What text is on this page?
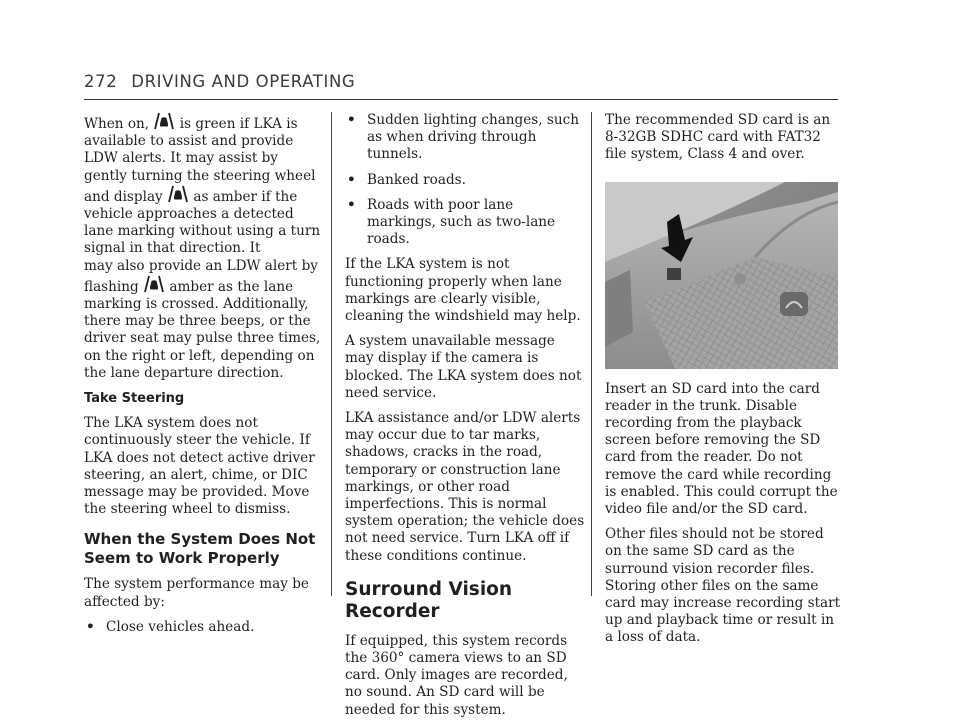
272 DRIVING AND OPERATING

When on, is green if LKA is available to assist and provide LDW alerts. It may assist by gently turning the steering wheel and display as amber if the vehicle approaches a detected lane marking without using a turn signal in that direction. It
may also provide an LDW alert by flashing amber as the lane marking is crossed. Additionally, there may be three beeps, or the driver seat may pulse three times, on the right or left, depending on the lane departure direction.

Take Steering

The LKA system does not continuously steer the vehicle. If LKA does not detect active driver steering, an alert, chime, or DIC message may be provided. Move the steering wheel to dismiss.

When the System Does Not Seem to Work Properly

The system performance may be affected by:

• Close vehicles ahead.
• Sudden lighting changes, such as when driving through tunnels.
• Banked roads.
• Roads with poor lane markings, such as two-lane roads.

If the LKA system is not functioning properly when lane markings are clearly visible, cleaning the windshield may help.

A system unavailable message may display if the camera is blocked. The LKA system does not need service.

LKA assistance and/or LDW alerts may occur due to tar marks, shadows, cracks in the road, temporary or construction lane markings, or other road imperfections. This is normal system operation; the vehicle does not need service. Turn LKA off if these conditions continue.

Surround Vision Recorder

If equipped, this system records the 360° camera views to an SD card. Only images are recorded, no sound. An SD card will be needed for this system.

The recommended SD card is an 8-32GB SDHC card with FAT32 file system, Class 4 and over.

Insert an SD card into the card reader in the trunk. Disable recording from the playback screen before removing the SD card from the reader. Do not remove the card while recording is enabled. This could corrupt the video file and/or the SD card.

Other files should not be stored on the same SD card as the surround vision recorder files. Storing other files on the same card may increase recording start up and playback time or result in a loss of data.
